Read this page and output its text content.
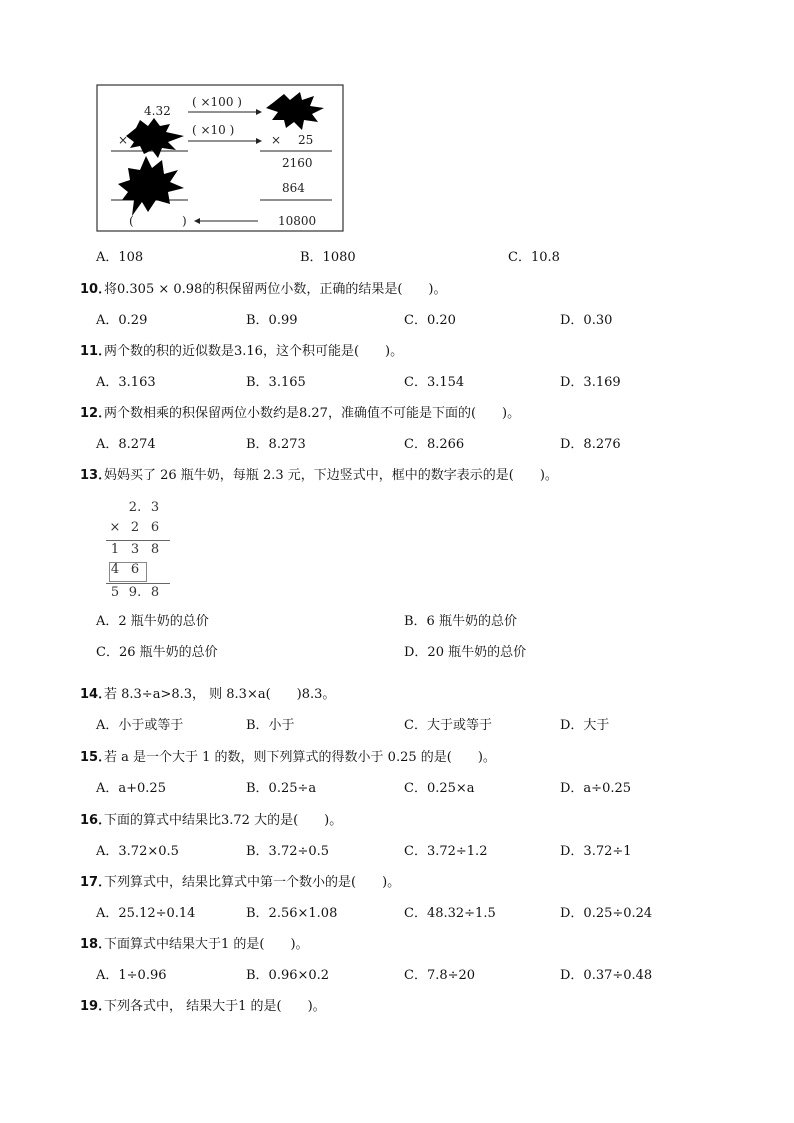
4.32
( ×100 )
( ×10 )
×	× 25
2160
864
10800
(	)
A．108	B．1080	C．10.8
10．
将0.305 × 0.98的积保留两位小数，正确的结果是(　　)。
A．0.29	B．0.99	C．0.20	D．0.30
11．
两个数的积的近似数是3.16，这个积可能是(　　)。
A．3.163	B．3.165	C．3.154	D．3.169
12．
两个数相乘的积保留两位小数约是8.27，准确值不可能是下面的(　　)。
A．8.274	B．8.273	C．8.266	D．8.276
13．
妈妈买了 26 瓶牛奶，每瓶 2.3 元，下边竖式中，框中的数字表示的是(　　)。
A．2 瓶牛奶的总价	B．6 瓶牛奶的总价
C．26 瓶牛奶的总价	D．20 瓶牛奶的总价
14．
若 8.3÷a>8.3， 则 8.3×a(　　)8.3。
A．小于或等于	B．小于	C．大于或等于	D．大于
15．
若 a 是一个大于 1 的数，则下列算式的得数小于 0.25 的是(　　)。
A．a+0.25	B．0.25÷a	C．0.25×a	D．a÷0.25
16．
下面的算式中结果比3.72 大的是(　　)。
A．3.72×0.5	B．3.72÷0.5	C．3.72÷1.2	D．3.72÷1
17．
下列算式中，结果比算式中第一个数小的是(　　)。
A．25.12÷0.14	B．2.56×1.08	C．48.32÷1.5	D．0.25÷0.24
18．
下面算式中结果大于1 的是(　　)。
A．1÷0.96	B．0.96×0.2	C．7.8÷20	D．0.37÷0.48
19．
下列各式中， 结果大于1 的是(　　)。
2. 3
× 2 6
1 3 8
4 6
5 9. 8
